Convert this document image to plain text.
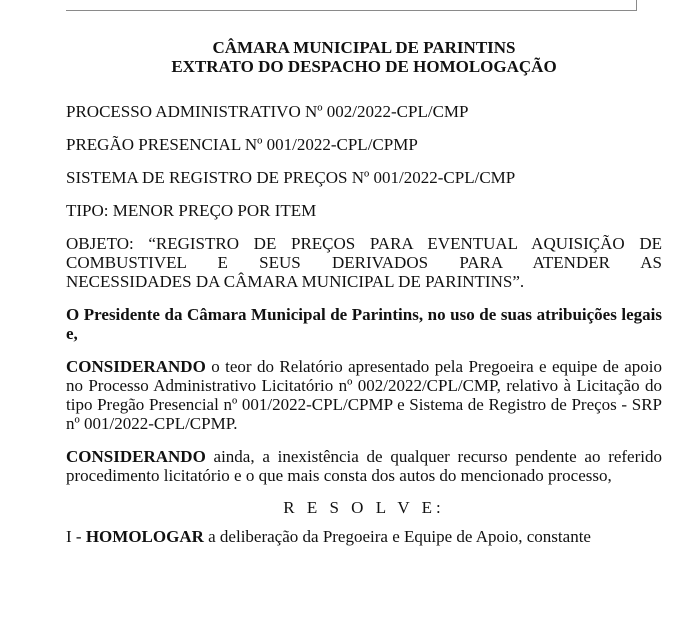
CÂMARA MUNICIPAL DE PARINTINS

EXTRATO DO DESPACHO DE HOMOLOGAÇÃO

PROCESSO ADMINISTRATIVO Nº 002/2022-CPL/CMP

PREGÃO PRESENCIAL Nº 001/2022-CPL/CPMP

SISTEMA DE REGISTRO DE PREÇOS Nº 001/2022-CPL/CMP

TIPO: MENOR PREÇO POR ITEM

OBJETO: “REGISTRO DE PREÇOS PARA EVENTUAL AQUISIÇÃO DE

COMBUSTIVEL E SEUS DERIVADOS PARA ATENDER AS

NECESSIDADES DA CÂMARA MUNICIPAL DE PARINTINS”.

O Presidente da Câmara Municipal de Parintins, no uso de suas atribuições legais e,

CONSIDERANDO o teor do Relatório apresentado pela Pregoeira e equipe de apoio no Processo Administrativo Licitatório nº 002/2022/CPL/CMP, relativo à Licitação do tipo Pregão Presencial nº 001/2022-CPL/CPMP e Sistema de Registro de Preços - SRP nº 001/2022-CPL/CPMP.

CONSIDERANDO ainda, a inexistência de qualquer recurso pendente ao referido procedimento licitatório e o que mais consta dos autos do mencionado processo,

R E S O L V E:

I - HOMOLOGAR a deliberação da Pregoeira e Equipe de Apoio, constante
